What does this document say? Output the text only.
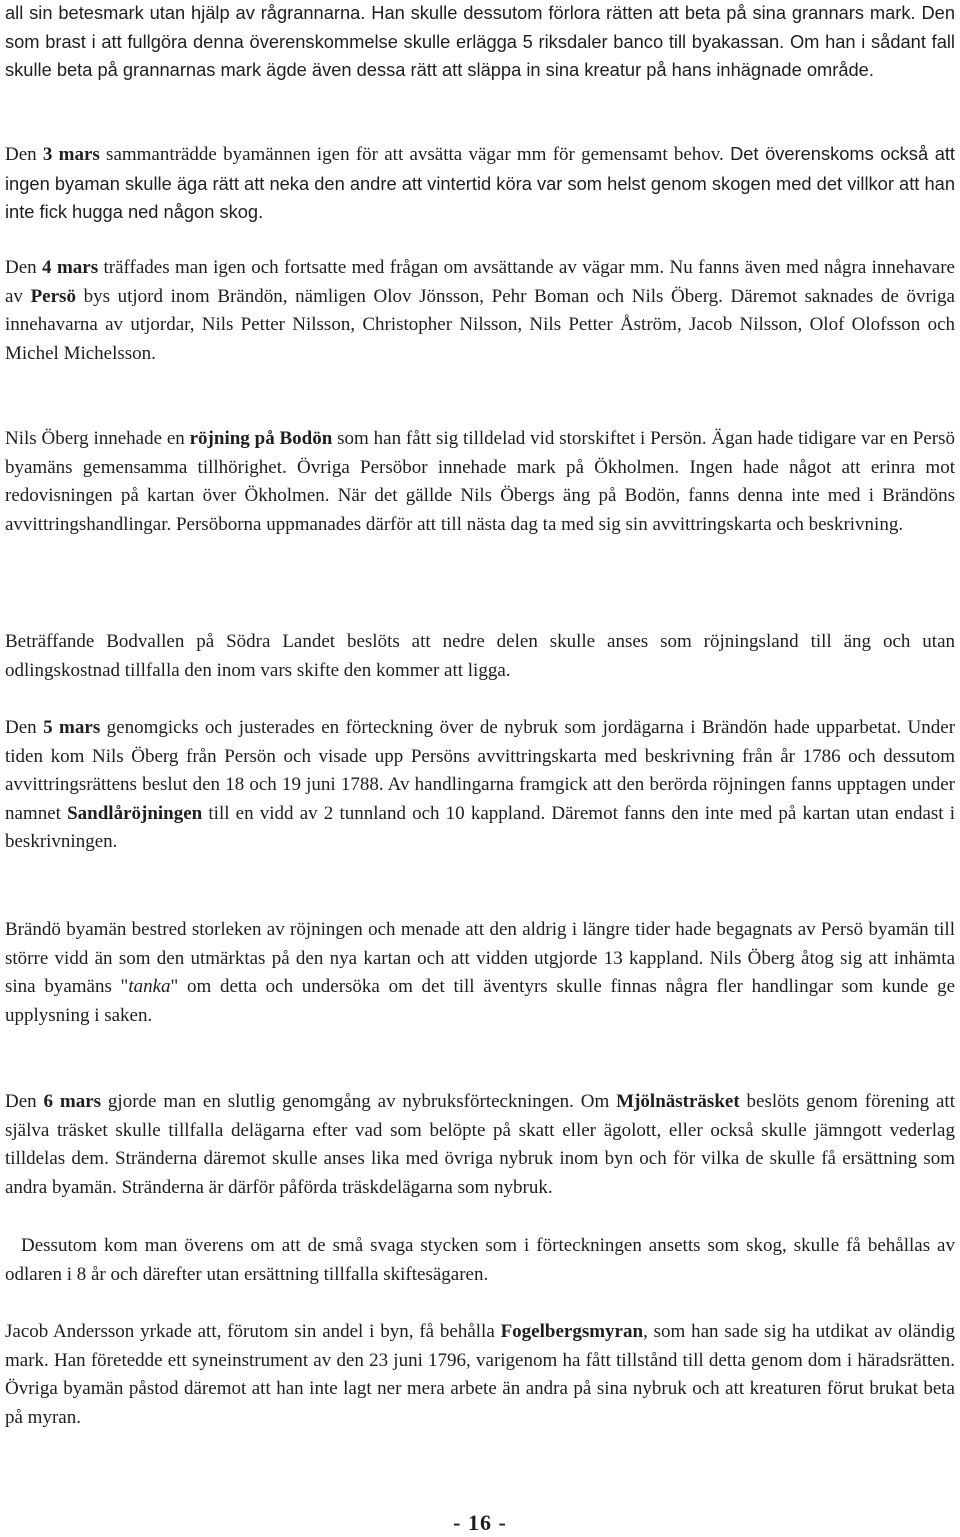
all sin betesmark utan hjälp av rågrannarna. Han skulle dessutom förlora rätten att beta på sina grannars mark. Den som brast i att fullgöra denna överenskommelse skulle erlägga 5 riksdaler banco till byakassan. Om han i sådant fall skulle beta på grannarnas mark ägde även dessa rätt att släppa in sina kreatur på hans inhägnade område.

Den 3 mars sammanträdde byamännen igen för att avsätta vägar mm för gemensamt behov. Det överenskoms också att ingen byaman skulle äga rätt att neka den andre att vintertid köra var som helst genom skogen med det villkor att han inte fick hugga ned någon skog.

Den 4 mars träffades man igen och fortsatte med frågan om avsättande av vägar mm. Nu fanns även med några innehavare av Persö bys utjord inom Brändön, nämligen Olov Jönsson, Pehr Boman och Nils Öberg. Däremot saknades de övriga innehavarna av utjordar, Nils Petter Nilsson, Christopher Nilsson, Nils Petter Åström, Jacob Nilsson, Olof Olofsson och Michel Michelsson.

Nils Öberg innehade en röjning på Bodön som han fått sig tilldelad vid storskiftet i Persön. Ägan hade tidigare var en Persö byamäns gemensamma tillhörighet. Övriga Persöbor innehade mark på Ökholmen. Ingen hade något att erinra mot redovisningen på kartan över Ökholmen. När det gällde Nils Öbergs äng på Bodön, fanns denna inte med i Brändöns avvittringshandlingar. Persöborna uppmanades därför att till nästa dag ta med sig sin avvittringskarta och beskrivning.

Beträffande Bodvallen på Södra Landet beslöts att nedre delen skulle anses som röjningsland till äng och utan odlingskostnad tillfalla den inom vars skifte den kommer att ligga.

Den 5 mars genomgicks och justerades en förteckning över de nybruk som jordägarna i Brändön hade upparbetat. Under tiden kom Nils Öberg från Persön och visade upp Persöns avvittringskarta med beskrivning från år 1786 och dessutom avvittringsrättens beslut den 18 och 19 juni 1788. Av handlingarna framgick att den berörda röjningen fanns upptagen under namnet Sandlåröjningen till en vidd av 2 tunnland och 10 kappland. Däremot fanns den inte med på kartan utan endast i beskrivningen.

Brändö byamän bestred storleken av röjningen och menade att den aldrig i längre tider hade begagnats av Persö byamän till större vidd än som den utmärktas på den nya kartan och att vidden utgjorde 13 kappland. Nils Öberg åtog sig att inhämta sina byamäns "tanka" om detta och undersöka om det till äventyrs skulle finnas några fler handlingar som kunde ge upplysning i saken.

Den 6 mars gjorde man en slutlig genomgång av nybruksförteckningen. Om Mjölnästräsket beslöts genom förening att själva träsket skulle tillfalla delägarna efter vad som belöpte på skatt eller ägolott, eller också skulle jämngott vederlag tilldelas dem. Stränderna däremot skulle anses lika med övriga nybruk inom byn och för vilka de skulle få ersättning som andra byamän. Stränderna är därför påförda träskdelägarna som nybruk.

Dessutom kom man överens om att de små svaga stycken som i förteckningen ansetts som skog, skulle få behållas av odlaren i 8 år och därefter utan ersättning tillfalla skiftesägaren.

Jacob Andersson yrkade att, förutom sin andel i byn, få behålla Fogelbergsmyran, som han sade sig ha utdikat av oländig mark. Han företedde ett syneinstrument av den 23 juni 1796, varigenom ha fått tillstånd till detta genom dom i häradsrätten. Övriga byamän påstod däremot att han inte lagt ner mera arbete än andra på sina nybruk och att kreaturen förut brukat beta på myran.

- 16 -
